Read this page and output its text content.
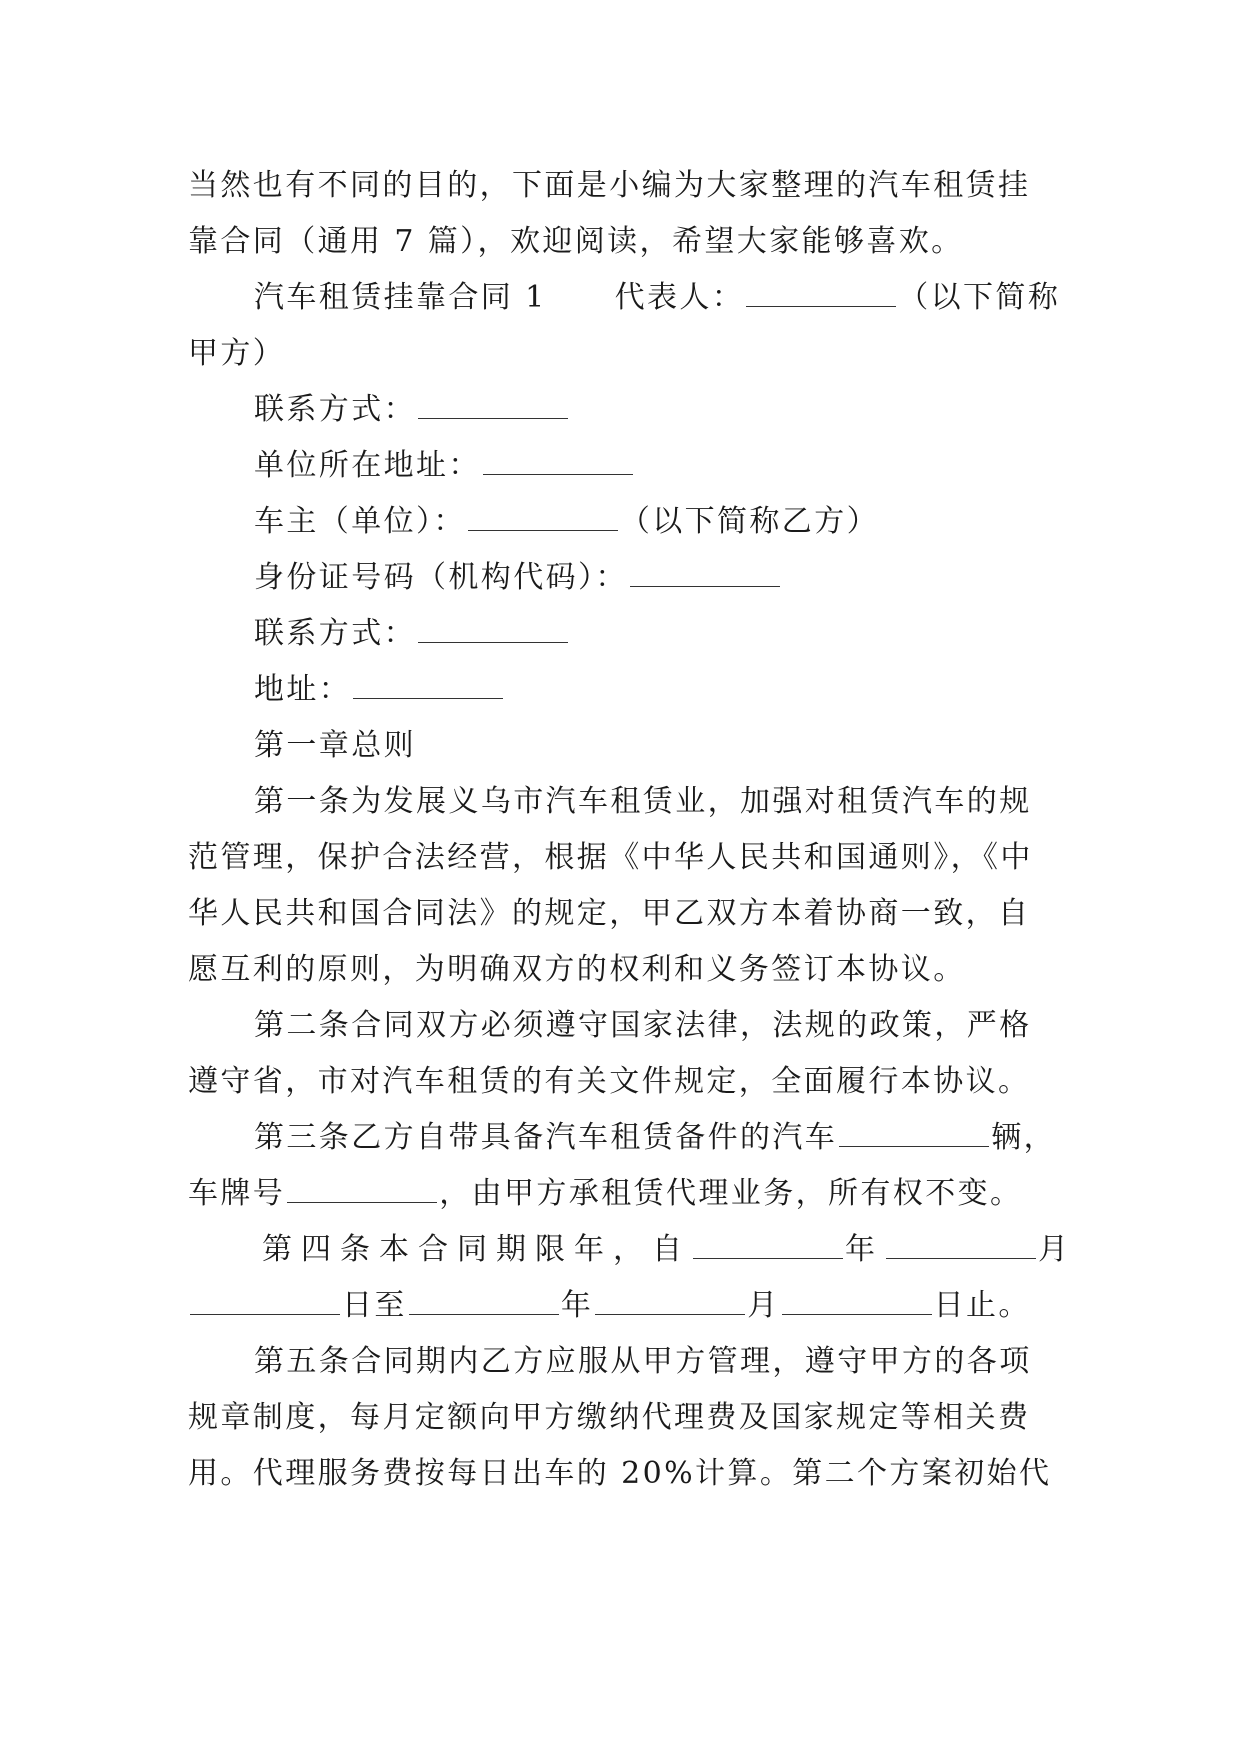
当然也有不同的目的，下面是小编为大家整理的汽车租赁挂
靠合同（通用 7 篇），欢迎阅读，希望大家能够喜欢。
汽车租赁挂靠合同 1 代表人：	（以下简称
甲方）
联系方式：
单位所在地址：
车主（单位）：	（以下简称乙方）
身份证号码（机构代码）：
联系方式：
地址：
第一章总则
第一条为发展义乌市汽车租赁业，加强对租赁汽车的规
范管理，保护合法经营，根据《中华人民共和国通则》，《中
华人民共和国合同法》的规定，甲乙双方本着协商一致，自
愿互利的原则，为明确双方的权利和义务签订本协议。
第二条合同双方必须遵守国家法律，法规的政策，严格
遵守省，市对汽车租赁的有关文件规定，全面履行本协议。
第三条乙方自带具备汽车租赁备件的汽车	辆，
车牌号	，由甲方承租赁代理业务，所有权不变。
第四条本合同期限年，自	年	月
日至	年	月	日止。
第五条合同期内乙方应服从甲方管理，遵守甲方的各项
规章制度，每月定额向甲方缴纳代理费及国家规定等相关费
用。代理服务费按每日出车的 20%计算。第二个方案初始代
